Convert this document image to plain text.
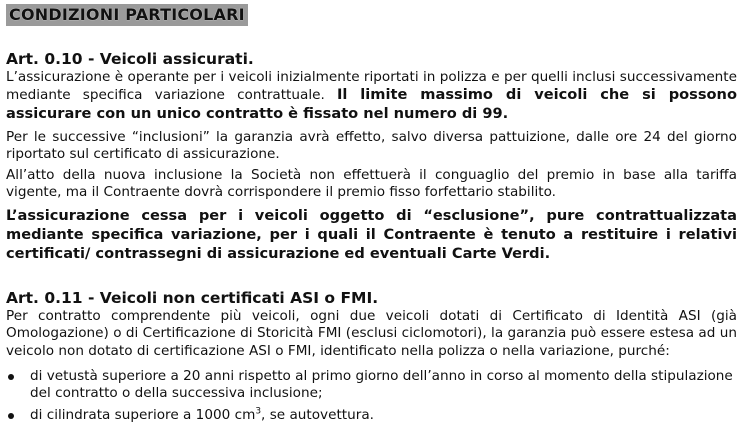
CONDIZIONI PARTICOLARI
Art. 0.10 - Veicoli assicurati.

L’assicurazione è operante per i veicoli inizialmente riportati in polizza e per quelli inclusi successivamente mediante specifica variazione contrattuale. Il limite massimo di veicoli che si possono assicurare con un unico contratto è fissato nel numero di 99.

Per le successive “inclusioni” la garanzia avrà effetto, salvo diversa pattuizione, dalle ore 24 del giorno riportato sul certificato di assicurazione.

All’atto della nuova inclusione la Società non effettuerà il conguaglio del premio in base alla tariffa vigente, ma il Contraente dovrà corrispondere il premio fisso forfettario stabilito.

L’assicurazione cessa per i veicoli oggetto di “esclusione”, pure contrattualizzata mediante specifica variazione, per i quali il Contraente è tenuto a restituire i relativi certificati/ contrassegni di assicurazione ed eventuali Carte Verdi.

Art. 0.11 - Veicoli non certificati ASI o FMI.

Per contratto comprendente più veicoli, ogni due veicoli dotati di Certificato di Identità ASI (già Omologazione) o di Certificazione di Storicità FMI (esclusi ciclomotori), la garanzia può essere estesa ad un veicolo non dotato di certificazione ASI o FMI, identificato nella polizza o nella variazione, purché:

di vetustà superiore a 20 anni rispetto al primo giorno dell’anno in corso al momento della stipulazione del contratto o della successiva inclusione;
di cilindrata superiore a 1000 $cm^3$, se autovettura.
